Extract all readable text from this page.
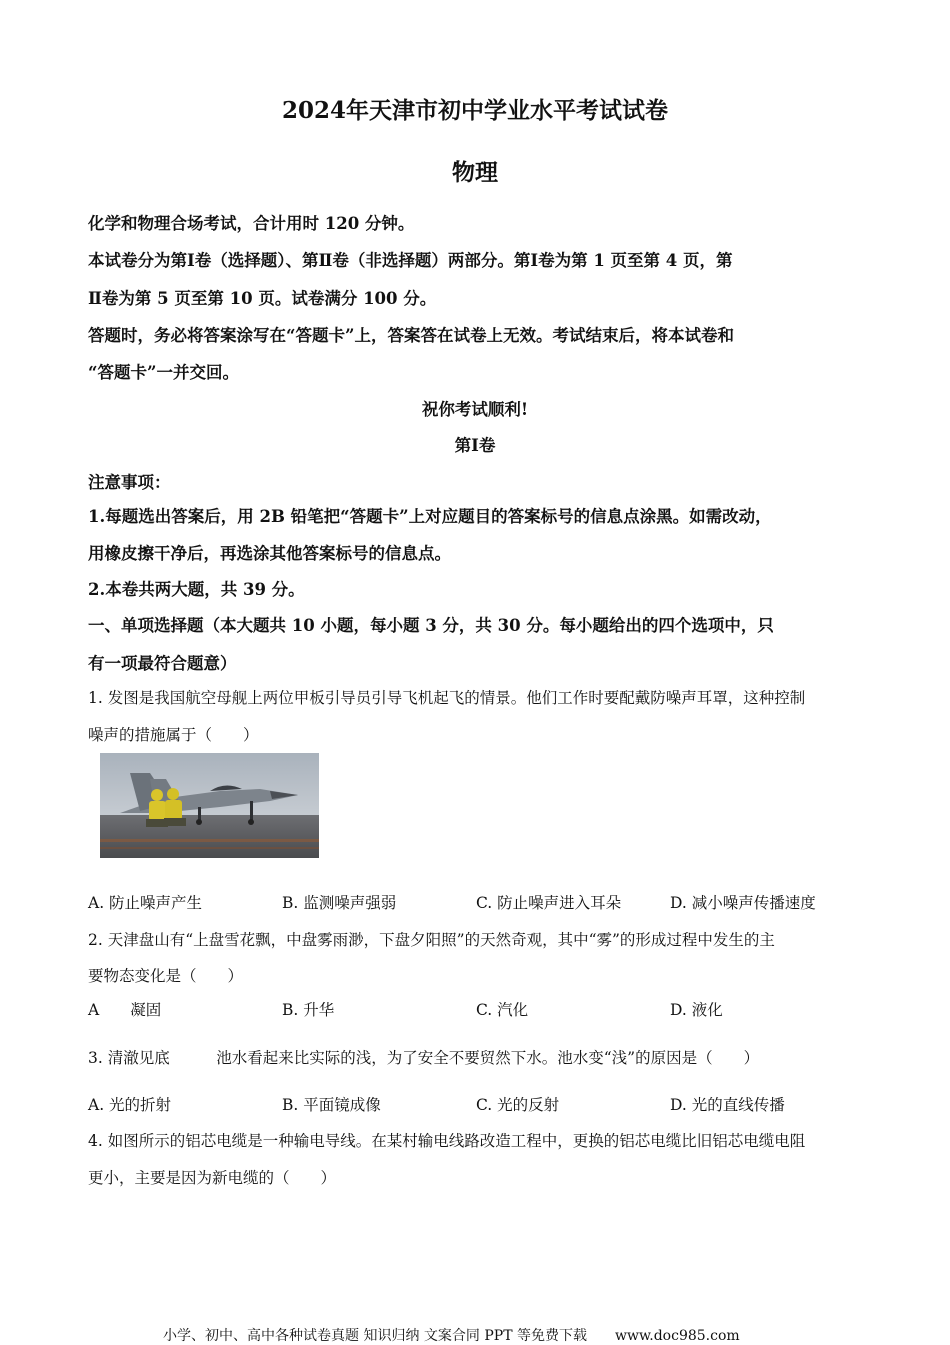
2024年天津市初中学业水平考试试卷
物理
化学和物理合场考试，合计用时 120 分钟。
本试卷分为第Ⅰ卷（选择题）、第Ⅱ卷（非选择题）两部分。第Ⅰ卷为第 1 页至第 4 页，第
Ⅱ卷为第 5 页至第 10 页。试卷满分 100 分。
答题时，务必将答案涂写在“答题卡”上，答案答在试卷上无效。考试结束后，将本试卷和
“答题卡”一并交回。
祝你考试顺利!
第Ⅰ卷
注意事项：
1.每题选出答案后，用 2B 铅笔把“答题卡”上对应题目的答案标号的信息点涂黑。如需改动，
用橡皮擦干净后，再选涂其他答案标号的信息点。
2.本卷共两大题，共 39 分。
一、单项选择题（本大题共 10 小题，每小题 3 分，共 30 分。每小题给出的四个选项中，只
有一项最符合题意）
1. 发图是我国航空母舰上两位甲板引导员引导飞机起飞的情景。他们工作时要配戴防噪声耳罩，这种控制
噪声的措施属于（　　）
A. 防止噪声产生	B. 监测噪声强弱	C. 防止噪声进入耳朵	D. 减小噪声传播速度
2. 天津盘山有“上盘雪花飘，中盘雾雨渺，下盘夕阳照”的天然奇观，其中“雾”的形成过程中发生的主
要物态变化是（　　）
A　　凝固	B. 升华	C. 汽化	D. 液化
3. 清澈见底　　　池水看起来比实际的浅，为了安全不要贸然下水。池水变“浅”的原因是（　　）
A. 光的折射	B. 平面镜成像	C. 光的反射	D. 光的直线传播
4. 如图所示的铝芯电缆是一种输电导线。在某村输电线路改造工程中，更换的铝芯电缆比旧铝芯电缆电阻
更小，主要是因为新电缆的（　　）
小学、初中、高中各种试卷真题 知识归纳 文案合同 PPT 等免费下载　　www.doc985.com
